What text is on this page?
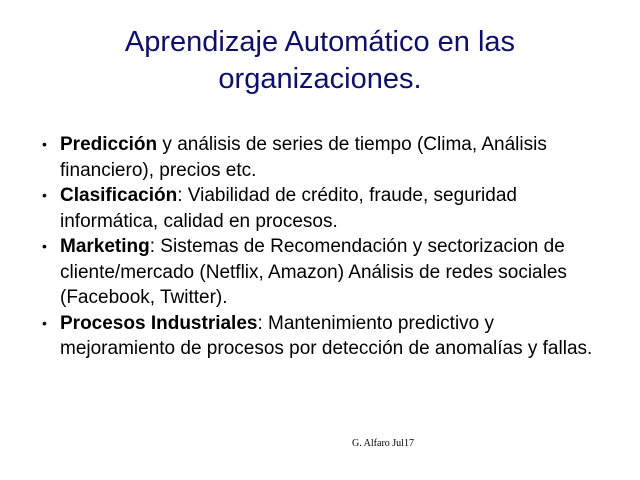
Aprendizaje Automático en las
organizaciones.
• Predicción y análisis de series de tiempo (Clima, Análisis financiero), precios etc.
• Clasificación: Viabilidad de crédito, fraude, seguridad informática, calidad en procesos.
• Marketing: Sistemas de Recomendación y sectorizacion de cliente/mercado (Netflix, Amazon) Análisis de redes sociales (Facebook, Twitter).
• Procesos Industriales: Mantenimiento predictivo y mejoramiento de procesos por detección de anomalías y fallas.
G. Alfaro Jul17
